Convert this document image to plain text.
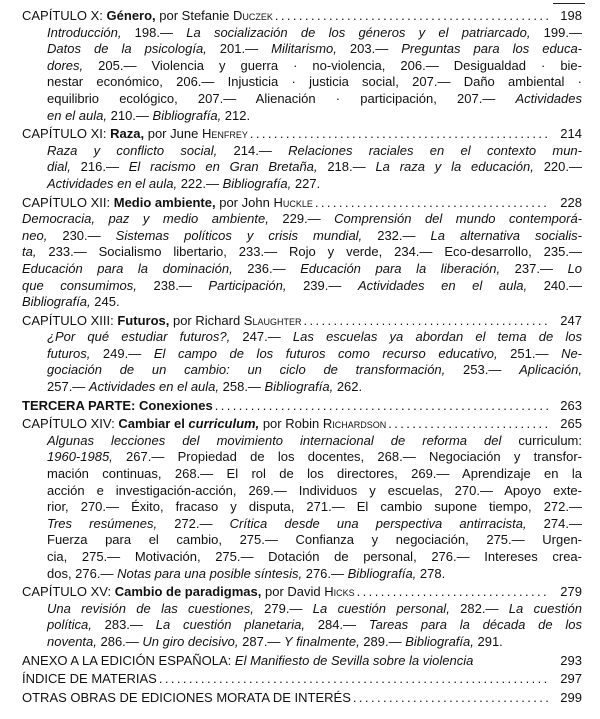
CAPÍTULO X: Género, por Stefanie Duczek .....	198
Introducción, 198.— La socialización de los géneros y el patriarcado, 199.—
Datos de la psicología, 201.— Militarismo, 203.— Preguntas para los educa-
dores, 205.— Violencia y guerra · no-violencia, 206.— Desigualdad · bie-
nestar económico, 206.— Injusticia · justicia social, 207.— Daño ambiental ·
equilibrio ecológico, 207.— Alienación · participación, 207.— Actividades
en el aula, 210.— Bibliografía, 212.
CAPÍTULO XI: Raza, por June Henfrey .....	214
Raza y conflicto social, 214.— Relaciones raciales en el contexto mun-
dial, 216.— El racismo en Gran Bretaña, 218.— La raza y la educación, 220.—
Actividades en el aula, 222.— Bibliografía, 227.
CAPÍTULO XII: Medio ambiente, por John Huckle .....	228
Democracia, paz y medio ambiente, 229.— Comprensión del mundo contemporá-
neo, 230.— Sistemas políticos y crisis mundial, 232.— La alternativa socialis-
ta, 233.— Socialismo libertario, 233.— Rojo y verde, 234.— Eco-desarrollo, 235.—
Educación para la dominación, 236.— Educación para la liberación, 237.— Lo
que consumimos, 238.— Participación, 239.— Actividades en el aula, 240.—
Bibliografía, 245.
CAPÍTULO XIII: Futuros, por Richard Slaughter .....	247
¿Por qué estudiar futuros?, 247.— Las escuelas ya abordan el tema de los
futuros, 249.— El campo de los futuros como recurso educativo, 251.— Ne-
gociación de un cambio: un ciclo de transformación, 253.— Aplicación,
257.— Actividades en el aula, 258.— Bibliografía, 262.
TERCERA PARTE: Conexiones .....	263
CAPÍTULO XIV: Cambiar el curriculum, por Robin Richardson .....	265
Algunas lecciones del movimiento internacional de reforma del curriculum:
1960-1985, 267.— Propiedad de los docentes, 268.— Negociación y transfor-
mación continuas, 268.— El rol de los directores, 269.— Aprendizaje en la
acción e investigación-acción, 269.— Individuos y escuelas, 270.— Apoyo exte-
rior, 270.— Éxito, fracaso y disputa, 271.— El cambio supone tiempo, 272.—
Tres resúmenes, 272.— Crítica desde una perspectiva antirracista, 274.—
Fuerza para el cambio, 275.— Confianza y negociación, 275.— Urgen-
cia, 275.— Motivación, 275.— Dotación de personal, 276.— Intereses crea-
dos, 276.— Notas para una posible síntesis, 276.— Bibliografía, 278.
CAPÍTULO XV: Cambio de paradigmas, por David Hicks .....	279
Una revisión de las cuestiones, 279.— La cuestión personal, 282.— La cuestión
política, 283.— La cuestión planetaria, 284.— Tareas para la década de los
noventa, 286.— Un giro decisivo, 287.— Y finalmente, 289.— Bibliografía, 291.
ANEXO A LA EDICIÓN ESPAÑOLA: El Manifiesto de Sevilla sobre la violencia	293
ÍNDICE DE MATERIAS .....	297
OTRAS OBRAS DE EDICIONES MORATA DE INTERÉS .....	299
